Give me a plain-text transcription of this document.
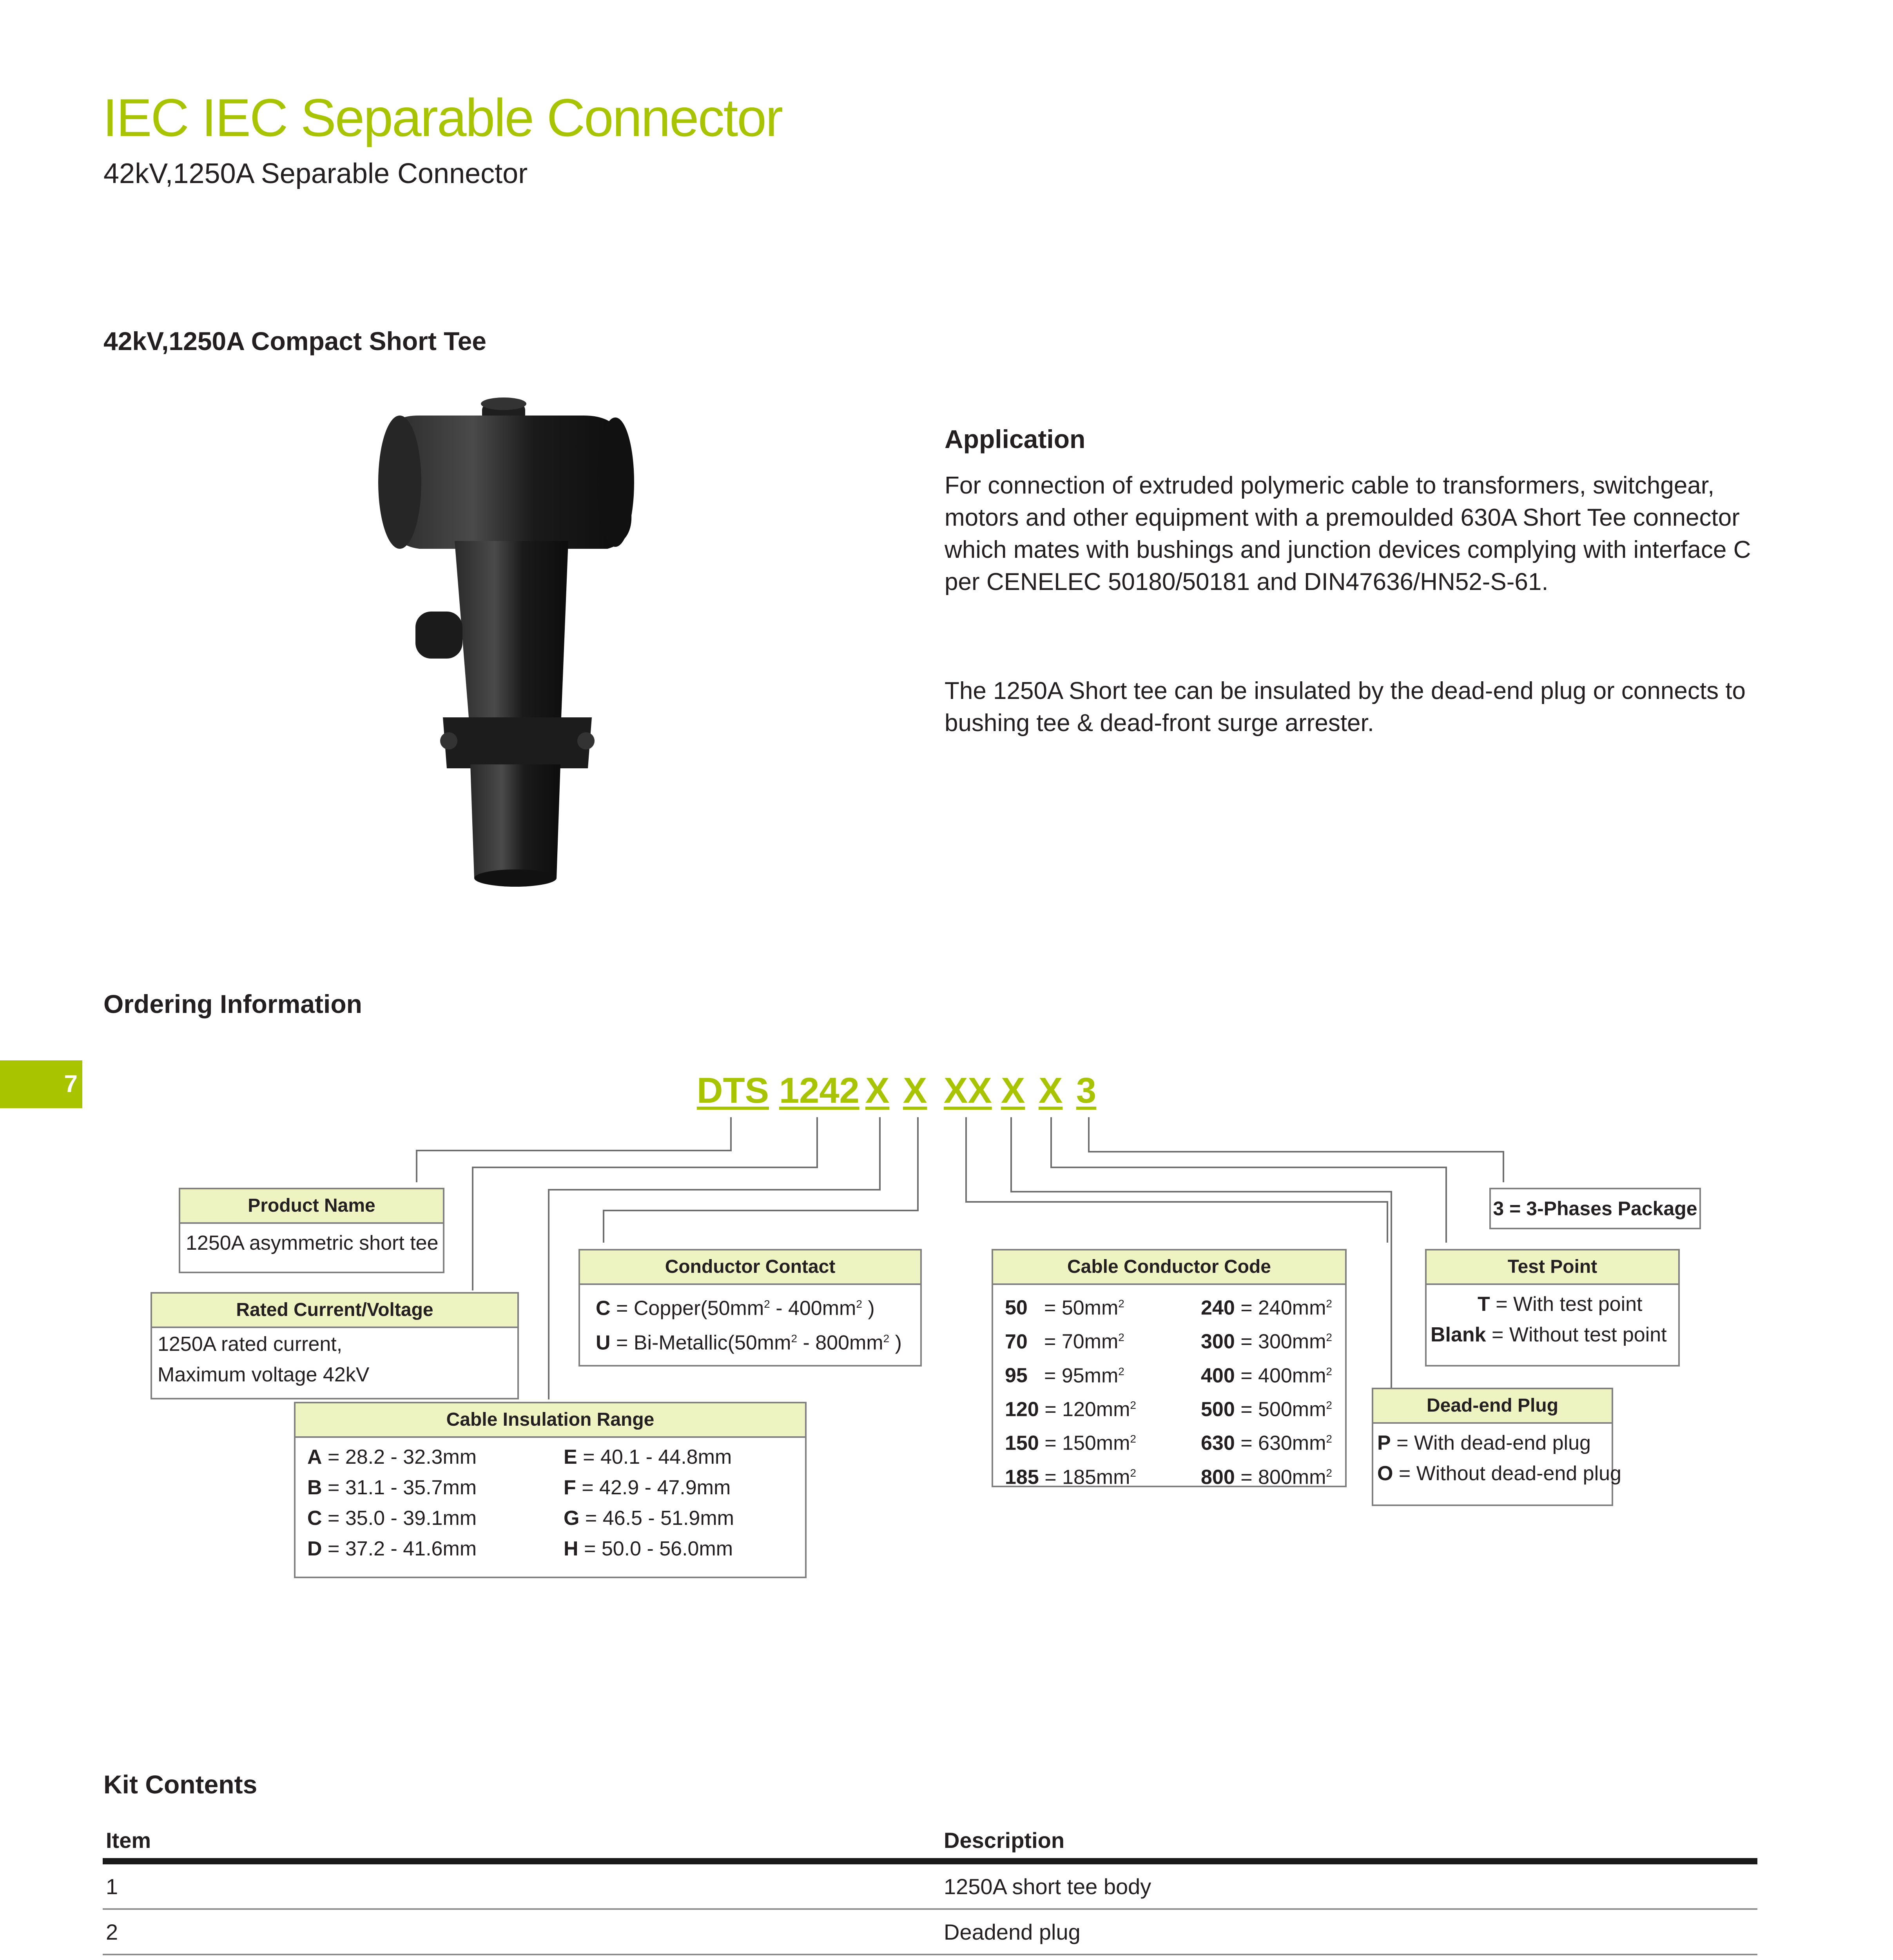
IEC IEC Separable Connector
42kV,1250A Separable Connector
42kV,1250A Compact Short Tee
Application
For connection of extruded polymeric cable to transformers, switchgear, motors and other equipment with a premoulded 630A Short Tee connector which mates with bushings and junction devices complying with interface C per CENELEC 50180/50181 and DIN47636/HN52-S-61.
The 1250A Short tee can be insulated by the dead-end plug or connects to bushing tee & dead-front surge arrester.
Ordering Information
7	DTS 1242 X X XX X X 3
Product Name
1250A asymmetric short tee
Rated Current/Voltage
1250A rated current,
Maximum voltage 42kV
Cable Insulation Range
A = 28.2 - 32.3mm	E = 40.1 - 44.8mm
B = 31.1 - 35.7mm	F = 42.9 - 47.9mm
C = 35.0 - 39.1mm	G = 46.5 - 51.9mm
D = 37.2 - 41.6mm	H = 50.0 - 56.0mm
Conductor Contact
$C = Copper(50mm^2 - 400mm^2$ )
$U = Bi-Metallic(50mm^2 - 800mm^2$ )
Cable Conductor Code
$50 = 50mm^2$	$240 = 240mm^2$
$70 = 70mm^2$	$300 = 300mm^2$
$95 = 95mm^2$	$400 = 400mm^2$
$120 = 120mm^2$	$500 = 500mm^2$
$150 = 150mm^2$	$630 = 630mm^2$
$185 = 185mm^2$	$800 = 800mm^2$
Dead-end Plug
P = With dead-end plug
O = Without dead-end plug
Test Point
T = With test point
Blank = Without test point
3 = 3-Phases Package
Kit Contents
Item	Description
1	1250A short tee body
2	Deadend plug
